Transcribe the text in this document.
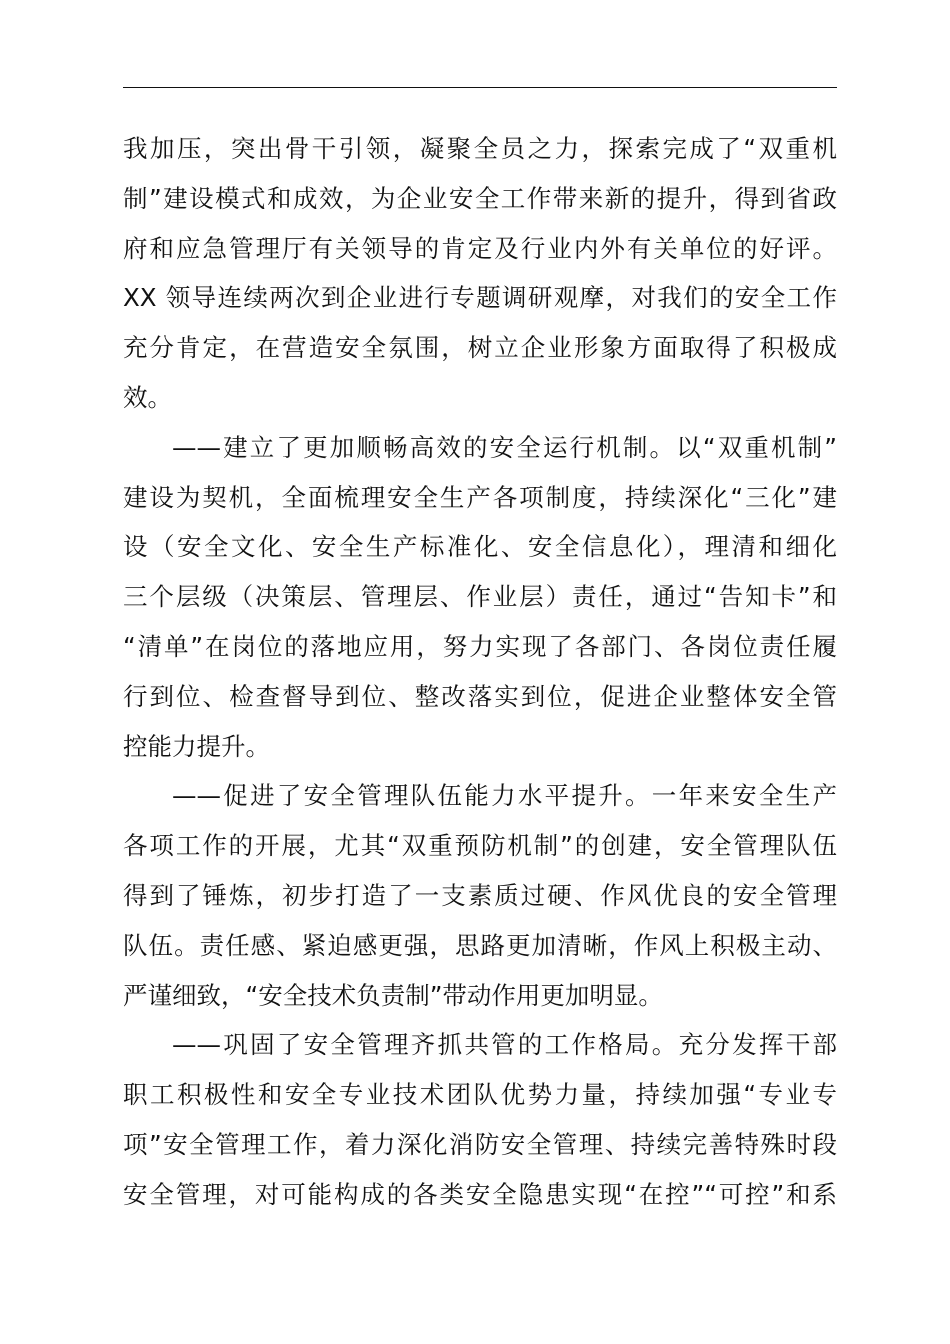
我加压，突出骨干引领，凝聚全员之力，探索完成了“双重机
制”建设模式和成效，为企业安全工作带来新的提升，得到省政
府和应急管理厅有关领导的肯定及行业内外有关单位的好评。
XX 领导连续两次到企业进行专题调研观摩，对我们的安全工作
充分肯定，在营造安全氛围，树立企业形象方面取得了积极成
效。
——建立了更加顺畅高效的安全运行机制。以“双重机制”
建设为契机，全面梳理安全生产各项制度，持续深化“三化”建
设（安全文化、安全生产标准化、安全信息化），理清和细化
三个层级（决策层、管理层、作业层）责任，通过“告知卡”和
“清单”在岗位的落地应用，努力实现了各部门、各岗位责任履
行到位、检查督导到位、整改落实到位，促进企业整体安全管
控能力提升。
——促进了安全管理队伍能力水平提升。一年来安全生产
各项工作的开展，尤其“双重预防机制”的创建，安全管理队伍
得到了锤炼，初步打造了一支素质过硬、作风优良的安全管理
队伍。责任感、紧迫感更强，思路更加清晰，作风上积极主动、
严谨细致，“安全技术负责制”带动作用更加明显。
——巩固了安全管理齐抓共管的工作格局。充分发挥干部
职工积极性和安全专业技术团队优势力量，持续加强“专业专
项”安全管理工作，着力深化消防安全管理、持续完善特殊时段
安全管理，对可能构成的各类安全隐患实现“在控”“可控”和系
